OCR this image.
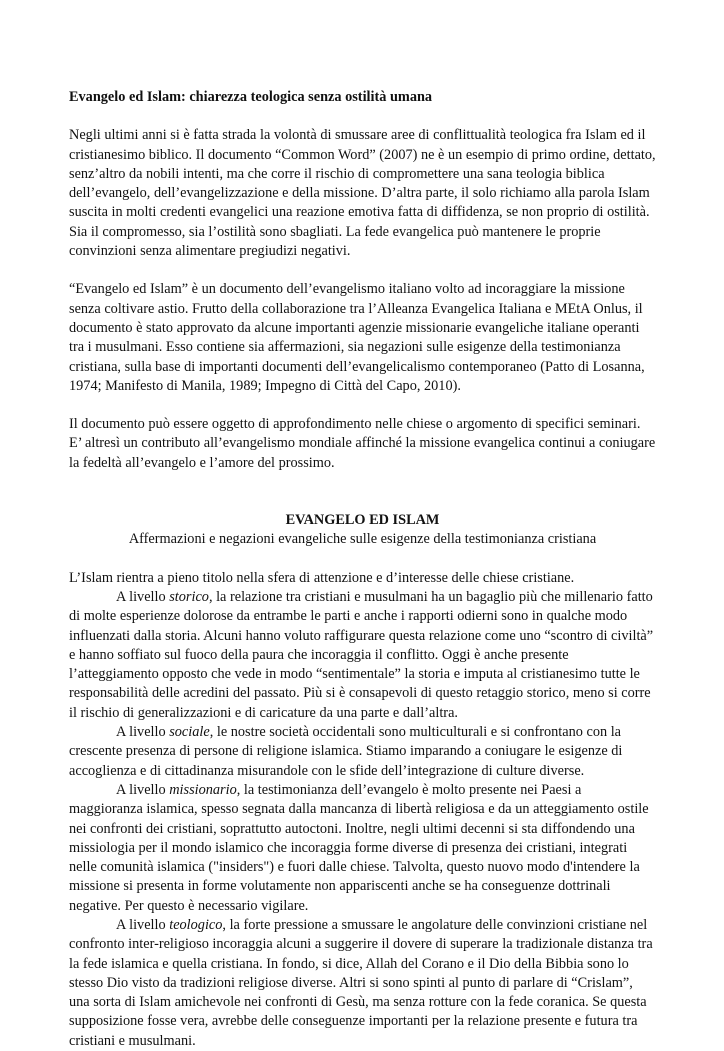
Evangelo ed Islam: chiarezza teologica senza ostilità umana

Negli ultimi anni si è fatta strada la volontà di smussare aree di conflittualità teologica fra Islam ed il cristianesimo biblico. Il documento “Common Word” (2007) ne è un esempio di primo ordine, dettato, senz’altro da nobili intenti, ma che corre il rischio di compromettere una sana teologia biblica dell’evangelo, dell’evangelizzazione e della missione. D’altra parte, il solo richiamo alla parola Islam suscita in molti credenti evangelici una reazione emotiva fatta di diffidenza, se non proprio di ostilità. Sia il compromesso, sia l’ostilità sono sbagliati. La fede evangelica può mantenere le proprie convinzioni senza alimentare pregiudizi negativi.

“Evangelo ed Islam” è un documento dell’evangelismo italiano volto ad incoraggiare la missione senza coltivare astio. Frutto della collaborazione tra l’Alleanza Evangelica Italiana e MEtA Onlus, il documento è stato approvato da alcune importanti agenzie missionarie evangeliche italiane operanti tra i musulmani. Esso contiene sia affermazioni, sia negazioni sulle esigenze della testimonianza cristiana, sulla base di importanti documenti dell’evangelicalismo contemporaneo (Patto di Losanna, 1974; Manifesto di Manila, 1989; Impegno di Città del Capo, 2010).

Il documento può essere oggetto di approfondimento nelle chiese o argomento di specifici seminari. E’ altresì un contributo all’evangelismo mondiale affinché la missione evangelica continui a coniugare la fedeltà all’evangelo e l’amore del prossimo.

EVANGELO ED ISLAM

Affermazioni e negazioni evangeliche sulle esigenze della testimonianza cristiana

L’Islam rientra a pieno titolo nella sfera di attenzione e d’interesse delle chiese cristiane.

A livello storico, la relazione tra cristiani e musulmani ha un bagaglio più che millenario fatto di molte esperienze dolorose da entrambe le parti e anche i rapporti odierni sono in qualche modo influenzati dalla storia. Alcuni hanno voluto raffigurare questa relazione come uno “scontro di civiltà” e hanno soffiato sul fuoco della paura che incoraggia il conflitto. Oggi è anche presente l’atteggiamento opposto che vede in modo “sentimentale” la storia e imputa al cristianesimo tutte le responsabilità delle acredini del passato. Più si è consapevoli di questo retaggio storico, meno si corre il rischio di generalizzazioni e di caricature da una parte e dall’altra.

A livello sociale, le nostre società occidentali sono multiculturali e si confrontano con la crescente presenza di persone di religione islamica. Stiamo imparando a coniugare le esigenze di accoglienza e di cittadinanza misurandole con le sfide dell’integrazione di culture diverse.

A livello missionario, la testimonianza dell’evangelo è molto presente nei Paesi a maggioranza islamica, spesso segnata dalla mancanza di libertà religiosa e da un atteggiamento ostile nei confronti dei cristiani, soprattutto autoctoni. Inoltre, negli ultimi decenni si sta diffondendo una missiologia per il mondo islamico che incoraggia forme diverse di presenza dei cristiani, integrati nelle comunità islamica ("insiders") e fuori dalle chiese. Talvolta, questo nuovo modo d'intendere la missione si presenta in forme volutamente non appariscenti anche se ha conseguenze dottrinali negative. Per questo è necessario vigilare.

A livello teologico, la forte pressione a smussare le angolature delle convinzioni cristiane nel confronto inter-religioso incoraggia alcuni a suggerire il dovere di superare la tradizionale distanza tra la fede islamica e quella cristiana. In fondo, si dice, Allah del Corano e il Dio della Bibbia sono lo stesso Dio visto da tradizioni religiose diverse. Altri si sono spinti al punto di parlare di “Crislam”, una sorta di Islam amichevole nei confronti di Gesù, ma senza rotture con la fede coranica. Se questa supposizione fosse vera, avrebbe delle conseguenze importanti per la relazione presente e futura tra cristiani e musulmani.
